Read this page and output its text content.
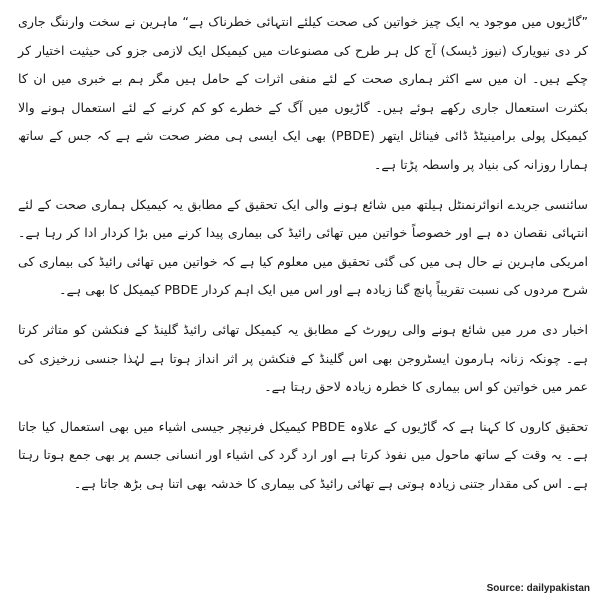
”گاڑیوں میں موجود یہ ایک چیز خواتین کی صحت کیلئے انتہائی خطرناک ہے“ ماہرین نے سخت وارننگ جاری کر دی نیویارک (نیوز ڈیسک) آج کل ہر طرح کی مصنوعات میں کیمیکل ایک لازمی جزو کی حیثیت اختیار کر چکے ہیں۔ ان میں سے اکثر ہماری صحت کے لئے منفی اثرات کے حامل ہیں مگر ہم بے خبری میں ان کا بکثرت استعمال جاری رکھے ہوئے ہیں۔ گاڑیوں میں آگ کے خطرے کو کم کرنے کے لئے استعمال ہونے والا کیمیکل پولی برامینیٹڈ ڈائی فینائل ایتھر (PBDE) بھی ایک ایسی ہی مضر صحت شے ہے کہ جس کے ساتھ ہمارا روزانہ کی بنیاد پر واسطہ پڑتا ہے۔

سائنسی جریدے انوائرنمنٹل ہیلتھ میں شائع ہونے والی ایک تحقیق کے مطابق یہ کیمیکل ہماری صحت کے لئے انتہائی نقصان دہ ہے اور خصوصاً خواتین میں تھائی رائیڈ کی بیماری پیدا کرنے میں بڑا کردار ادا کر رہا ہے۔ امریکی ماہرین نے حال ہی میں کی گئی تحقیق میں معلوم کیا ہے کہ خواتین میں تھائی رائیڈ کی بیماری کی شرح مردوں کی نسبت تقریباً پانچ گنا زیادہ ہے اور اس میں ایک اہم کردار PBDE کیمیکل کا بھی ہے۔

اخبار دی مرر میں شائع ہونے والی رپورٹ کے مطابق یہ کیمیکل تھائی رائیڈ گلینڈ کے فنکشن کو متاثر کرتا ہے۔ چونکہ زنانہ ہارمون ایسٹروجن بھی اس گلینڈ کے فنکشن پر اثر انداز ہوتا ہے لہٰذا جنسی زرخیزی کی عمر میں خواتین کو اس بیماری کا خطرہ زیادہ لاحق رہتا ہے۔

تحقیق کاروں کا کہنا ہے کہ گاڑیوں کے علاوہ PBDE کیمیکل فرنیچر جیسی اشیاء میں بھی استعمال کیا جاتا ہے۔ یہ وقت کے ساتھ ماحول میں نفوذ کرتا ہے اور ارد گرد کی اشیاء اور انسانی جسم پر بھی جمع ہوتا رہتا ہے۔ اس کی مقدار جتنی زیادہ ہوتی ہے تھائی رائیڈ کی بیماری کا خدشہ بھی اتنا ہی بڑھ جاتا ہے۔

Source: dailypakistan
